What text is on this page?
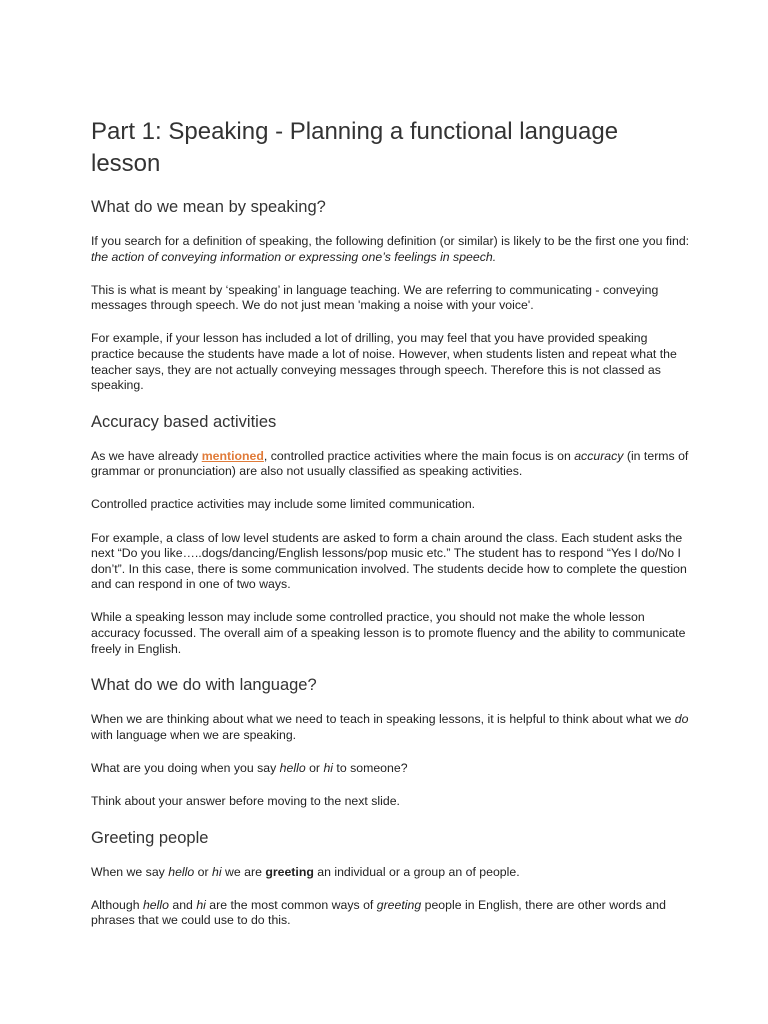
Part 1: Speaking - Planning a functional language lesson
What do we mean by speaking?

If you search for a definition of speaking, the following definition (or similar) is likely to be the first one you find: the action of conveying information or expressing one’s feelings in speech.

This is what is meant by ‘speaking’ in language teaching. We are referring to communicating - conveying messages through speech. We do not just mean 'making a noise with your voice'.

For example, if your lesson has included a lot of drilling, you may feel that you have provided speaking practice because the students have made a lot of noise. However, when students listen and repeat what the teacher says, they are not actually conveying messages through speech. Therefore this is not classed as speaking.

Accuracy based activities

As we have already mentioned, controlled practice activities where the main focus is on accuracy (in terms of grammar or pronunciation) are also not usually classified as speaking activities.

Controlled practice activities may include some limited communication.

For example, a class of low level students are asked to form a chain around the class. Each student asks the next “Do you like…..dogs/dancing/English lessons/pop music etc.” The student has to respond “Yes I do/No I don’t”. In this case, there is some communication involved. The students decide how to complete the question and can respond in one of two ways.

While a speaking lesson may include some controlled practice, you should not make the whole lesson accuracy focussed. The overall aim of a speaking lesson is to promote fluency and the ability to communicate freely in English.

What do we do with language?

When we are thinking about what we need to teach in speaking lessons, it is helpful to think about what we do with language when we are speaking.

What are you doing when you say hello or hi to someone?

Think about your answer before moving to the next slide.

Greeting people

When we say hello or hi we are greeting an individual or a group an of people.

Although hello and hi are the most common ways of greeting people in English, there are other words and phrases that we could use to do this.
